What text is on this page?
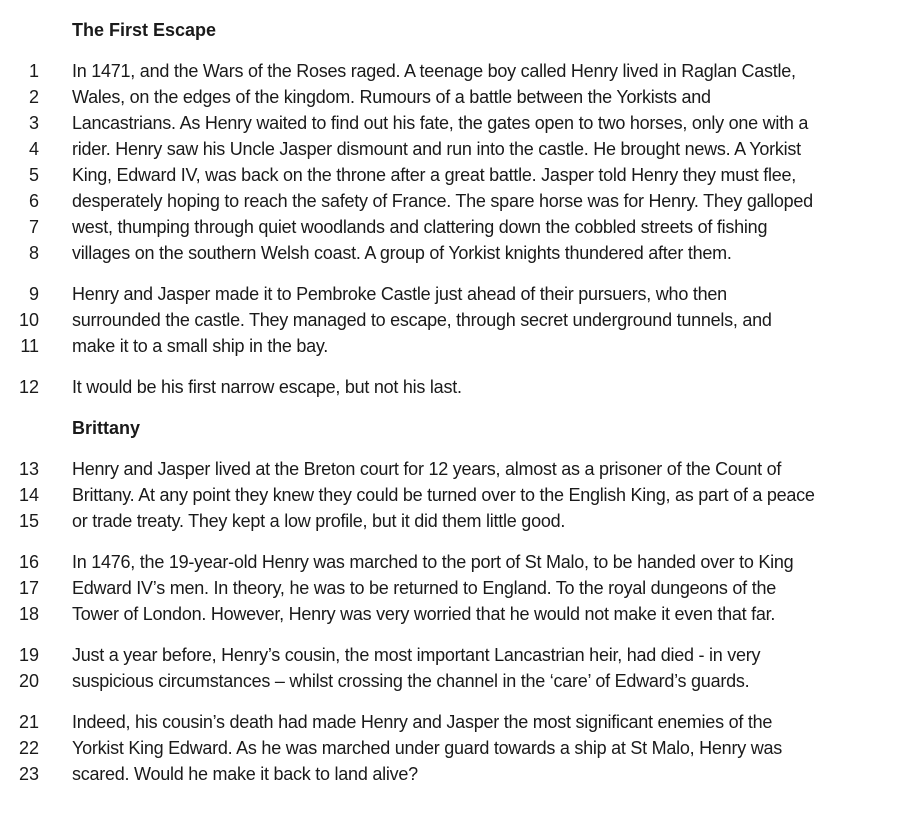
The First Escape
1 In 1471, and the Wars of the Roses raged. A teenage boy called Henry lived in Raglan Castle,
2 Wales, on the edges of the kingdom. Rumours of a battle between the Yorkists and
3 Lancastrians. As Henry waited to find out his fate, the gates open to two horses, only one with a
4 rider. Henry saw his Uncle Jasper dismount and run into the castle. He brought news. A Yorkist
5 King, Edward IV, was back on the throne after a great battle. Jasper told Henry they must flee,
6 desperately hoping to reach the safety of France. The spare horse was for Henry. They galloped
7 west, thumping through quiet woodlands and clattering down the cobbled streets of fishing
8 villages on the southern Welsh coast. A group of Yorkist knights thundered after them.
9 Henry and Jasper made it to Pembroke Castle just ahead of their pursuers, who then
10 surrounded the castle. They managed to escape, through secret underground tunnels, and
11 make it to a small ship in the bay.
12 It would be his first narrow escape, but not his last.
Brittany
13 Henry and Jasper lived at the Breton court for 12 years, almost as a prisoner of the Count of
14 Brittany. At any point they knew they could be turned over to the English King, as part of a peace
15 or trade treaty. They kept a low profile, but it did them little good.
16 In 1476, the 19-year-old Henry was marched to the port of St Malo, to be handed over to King
17 Edward IV’s men. In theory, he was to be returned to England. To the royal dungeons of the
18 Tower of London. However, Henry was very worried that he would not make it even that far.
19 Just a year before, Henry’s cousin, the most important Lancastrian heir, had died - in very
20 suspicious circumstances – whilst crossing the channel in the ‘care’ of Edward’s guards.
21 Indeed, his cousin’s death had made Henry and Jasper the most significant enemies of the
22 Yorkist King Edward. As he was marched under guard towards a ship at St Malo, Henry was
23 scared. Would he make it back to land alive?
